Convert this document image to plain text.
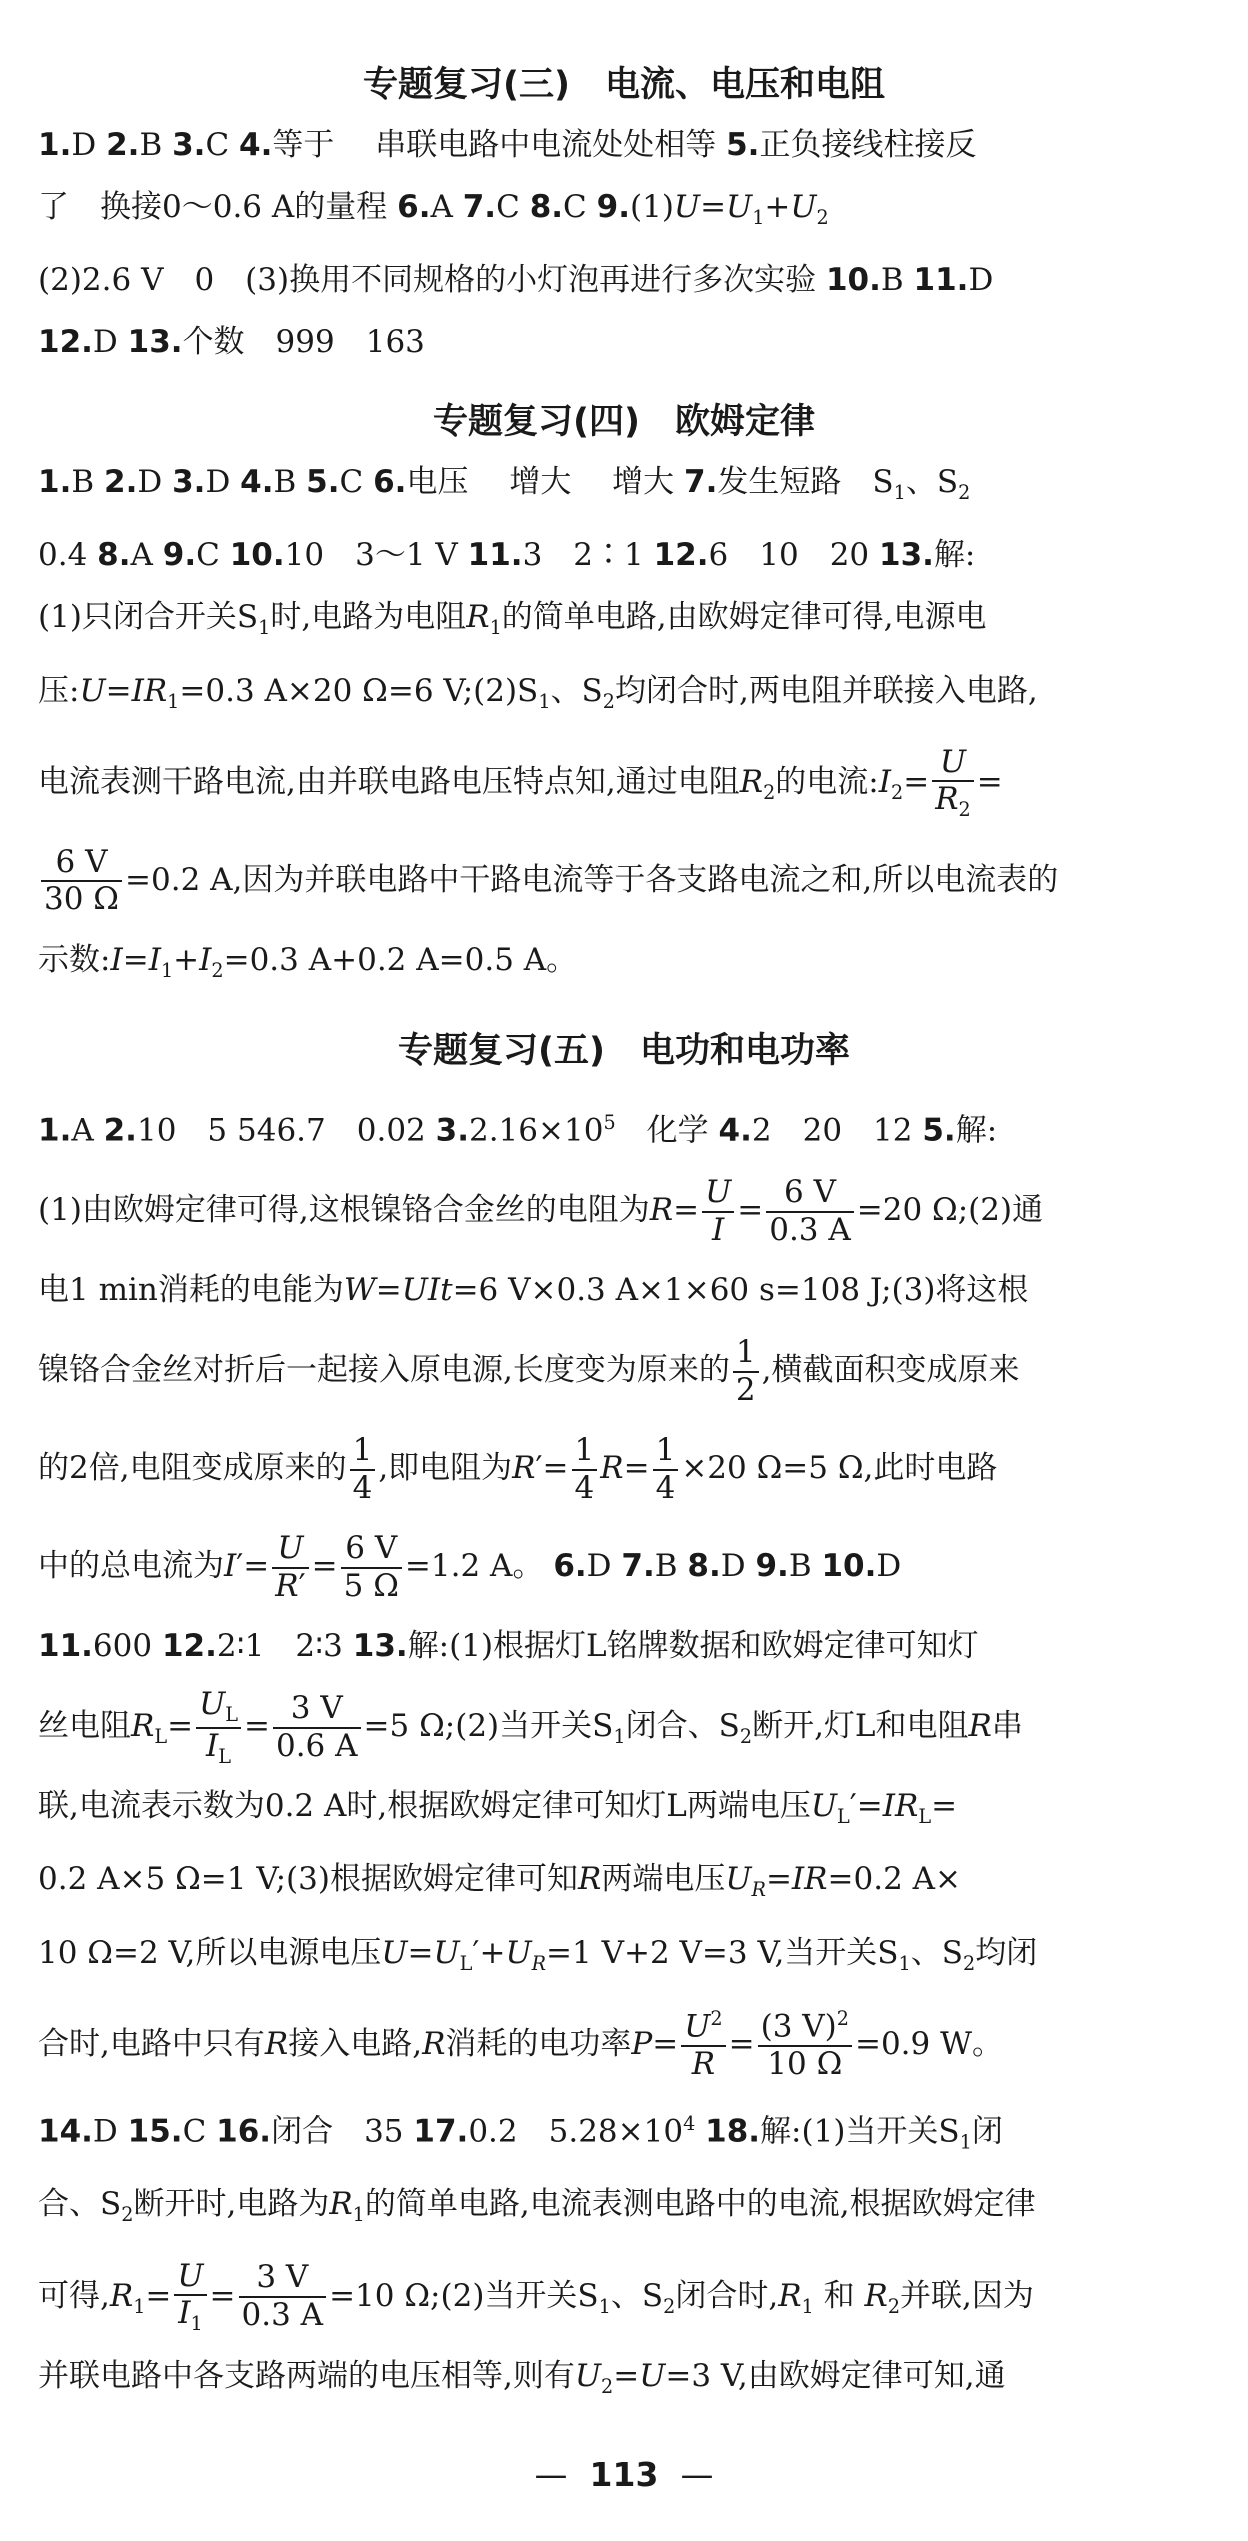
专题复习(三)　电流、电压和电阻

1.D 2.B 3.C 4.等于　 串联电路中电流处处相等 5.正负接线柱接反

了　换接0～0.6 A的量程 6.A 7.C 8.C $9.(1)U=U_1+U_2$

(2)2.6 V　0　(3)换用不同规格的小灯泡再进行多次实验 10.B 11.D

12.D 13.个数　999　163

专题复习(四)　欧姆定律

1.B 2.D 3.D 4.B 5.C 6.电压　 增大　 增大 7.发生短路　$S_1$、$S_2$

0.4 8.A 9.C 10.10　3～1 V 11.3　2∶1 12.6　10　20 13.解:

(1)只闭合开关$S_1$时,电路为电阻$R_1$的简单电路,由欧姆定律可得,电源电

压$:U=IR_1=0.3$ A×20 Ω=6 $V;(2)S_1$、$S_2$均闭合时,两电阻并联接入电路,

电流表测干路电流,由并联电路电压特点知,通过电阻$R_2$的电流$:I_2= \frac{U}{R_2}$ =

$\frac{6 V}{30 \Omega} =0.2$ A,因为并联电路中干路电流等于各支路电流之和,所以电流表的

示数$:I=I_1+I_2=0.3$ A+0.2 A=0.5 A。

专题复习(五)　电功和电功率

1.A 2.10　5 546.7　0.02 $3.2.16\times 10^5$　 化学 4.2　20　12 5.解:

(1)由欧姆定律可得,这根镍铬合金丝的电阻为$R= \frac{U}{I} = \frac{6 V}{0.3 A} =20$ Ω;(2)通

电1 min消耗的电能为W=UIt=6 V×0.3 A×1×60 s=108 J;(3)将这根

镍铬合金丝对折后一起接入原电源,长度变为原来的 $\frac{1}{2}$ ,横截面积变成原来

的2倍,电阻变成原来的 $\frac{1}{4}$ ,即电阻为$R'= \frac{1}{4} R= \frac{1}{4} \times 20$ Ω=5 Ω,此时电路

中的总电流为$I'= \frac{U}{R'} = \frac{6 V}{5 \Omega} =1.2$ A。 6.D 7.B 8.D 9.B 10.D

11.600 12.2∶1　2∶3 13.解:(1)根据灯L铭牌数据和欧姆定律可知灯

丝电阻$R_L= \frac{U_L}{I_L} = \frac{3 V}{0.6 A} =5$ Ω;(2)当开关$S_1$闭合、$S_2$断开,灯L和电阻R串

联,电流表示数为0.2 A时,根据欧姆定律可知灯L两端电压$U_L'=IR_L=$

0.2 A×5 Ω=1 V;(3)根据欧姆定律可知R两端电压$U_R=IR=0.2$ A×

10 Ω=2 V,所以电源电压$U=U_L'+U_R=1$ V+2 V=3 V,当开关$S_1$、$S_2$均闭

合时,电路中只有R接入电路,R消耗的电功率$P= \frac{U^2}{R} = \frac{(3 V)^2}{10 \Omega} =0.9$ W。

14.D 15.C 16.闭合　35 17.0.2　$5.28\times 10^4$ 18.解:(1)当开关$S_1$闭

合、$S_2$断开时,电路为$R_1$的简单电路,电流表测电路中的电流,根据欧姆定律

可得$,R_1= \frac{U}{I_1} = \frac{3 V}{0.3 A} =10$ Ω;(2)当开关$S_1$、$S_2$闭合时$,R_1$ 和 $R_2$并联,因为

并联电路中各支路两端的电压相等,则有$U_2=U=3$ V,由欧姆定律可知,通

— 113 —
